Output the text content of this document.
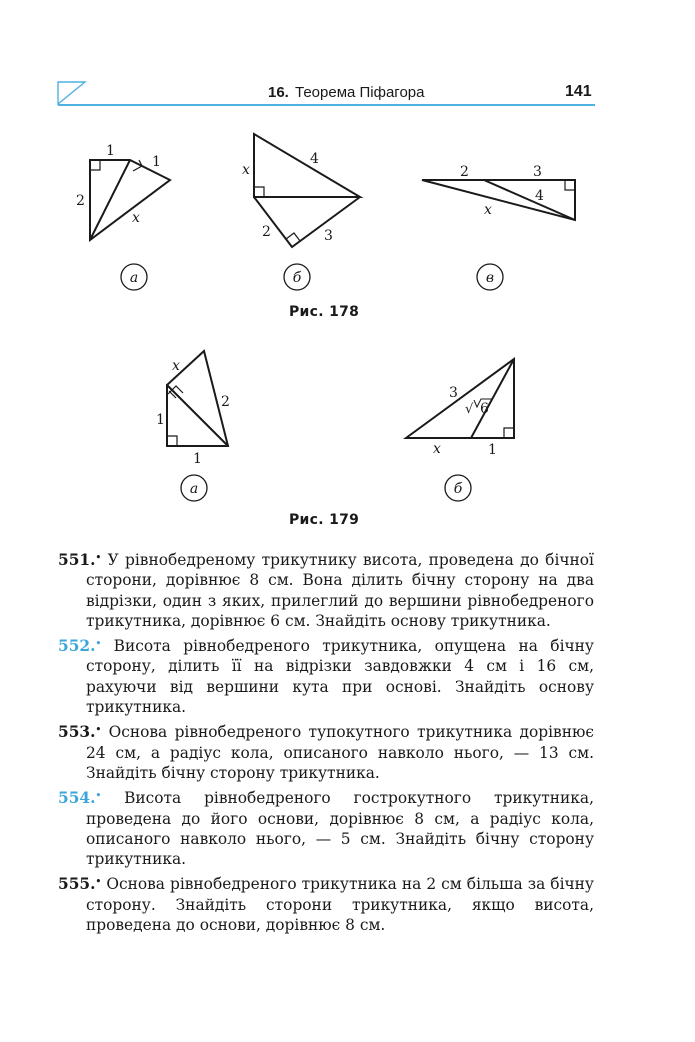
16. Теорема Піфагора	141
1
1
2
x
x
4
2	3
2	3
4
x
а	б	в
x
1
2
1
3
√ 6
x	1
а	б
Рис. 178
Рис. 179
551.• У рівнобедреному трикутнику висота, проведена до бічної сторони, дорівнює 8 см. Вона ділить бічну сторону на два відрізки, один з яких, прилеглий до вершини рівнобедреного трикутника, дорівнює 6 см. Знайдіть основу трикутника.
552.• Висота рівнобедреного трикутника, опущена на бічну сторону, ділить її на відрізки завдовжки 4 см і 16 см, рахуючи від вершини кута при основі. Знайдіть основу трикутника.
553.• Основа рівнобедреного тупокутного трикутника дорівнює 24 см, а радіус кола, описаного навколо нього, — 13 см. Знайдіть бічну сторону трикутника.
554.• Висота рівнобедреного гострокутного трикутника, проведена до його основи, дорівнює 8 см, а радіус кола, описаного навколо нього, — 5 см. Знайдіть бічну сторону трикутника.
555.• Основа рівнобедреного трикутника на 2 см більша за бічну сторону. Знайдіть сторони трикутника, якщо висота, проведена до основи, дорівнює 8 см.
